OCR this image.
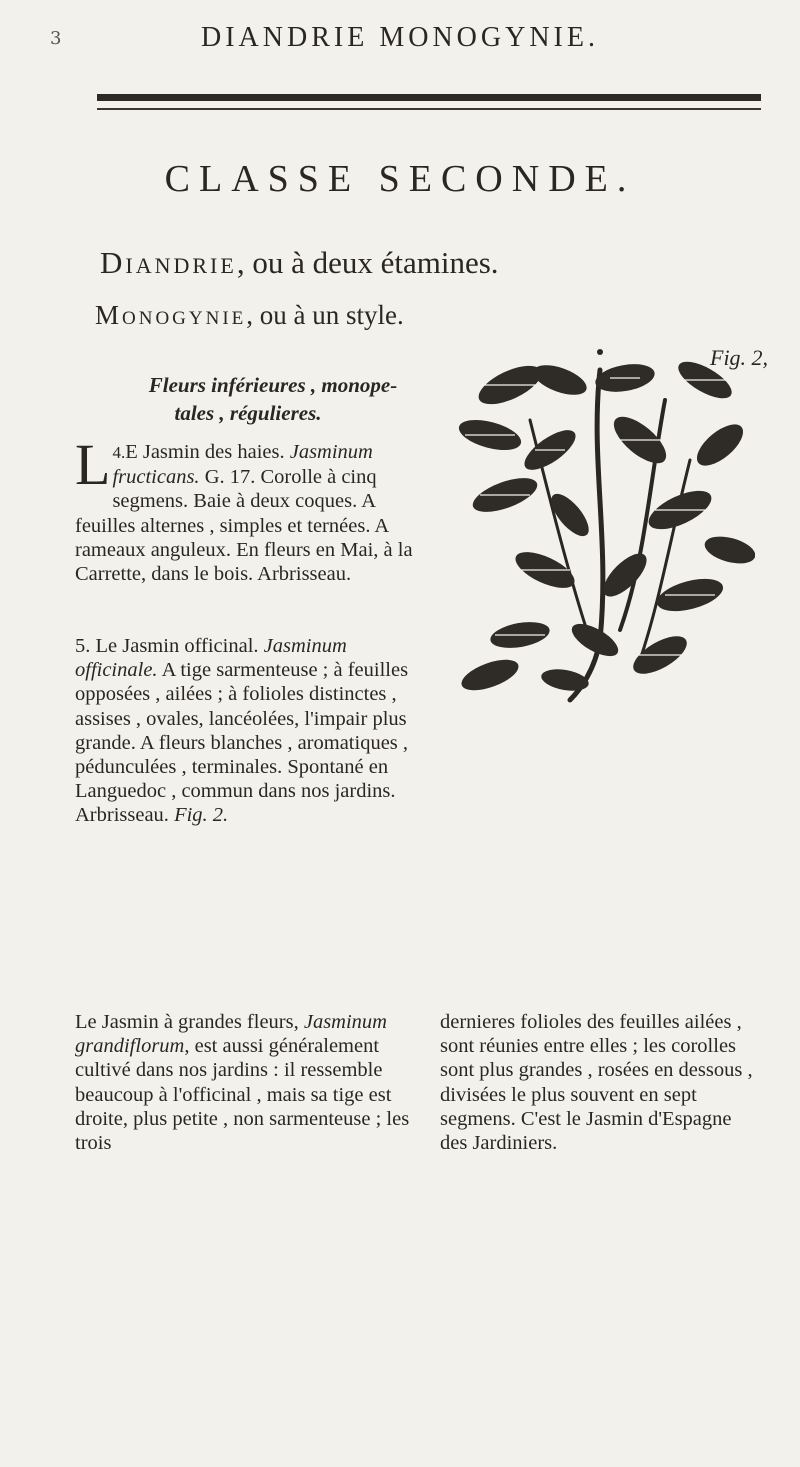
3	DIANDRIE MONOGYNIE.
CLASSE SECONDE.
Diandrie, ou à deux étamines.
Monogynie, ou à un style.
Fleurs inférieures , monope-
tales , régulieres.
4.
L E Jasmin des haies. Jasminum fructicans. G. 17. Corolle à cinq segmens. Baie à deux coques. A feuilles alternes , simples et ternées. A rameaux anguleux. En fleurs en Mai, à la Carrette, dans le bois. Arbrisseau.
5. Le Jasmin officinal. Jasminum officinale. A tige sarmenteuse ; à feuilles opposées , ailées ; à folioles distinctes , assises , ovales, lancéolées, l'impair plus grande. A fleurs blanches , aromatiques , pédunculées , terminales. Spontané en Languedoc , commun dans nos jardins. Arbrisseau. Fig. 2.
Fig. 2,
Le Jasmin à grandes fleurs, Jasminum grandiflorum, est aussi généralement cultivé dans nos jardins : il ressemble beaucoup à l'officinal , mais sa tige est droite, plus petite , non sarmenteuse ; les trois
dernieres folioles des feuilles ailées , sont réunies entre elles ; les corolles sont plus grandes , rosées en dessous , divisées le plus souvent en sept segmens. C'est le Jasmin d'Espagne des Jardiniers.
